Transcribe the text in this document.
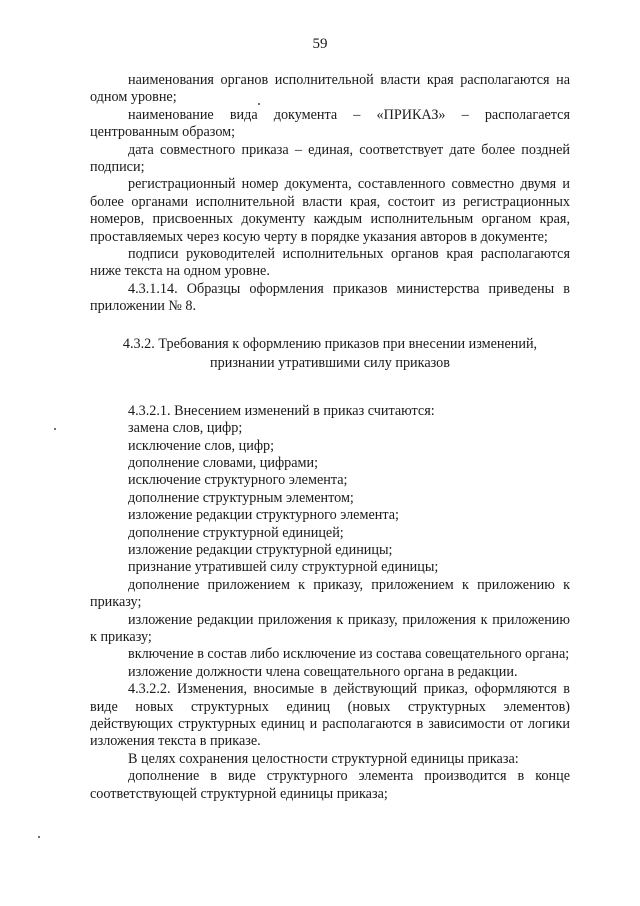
59

наименования органов исполнительной власти края располагаются на одном уровне;

наименование вида документа – «ПРИКАЗ» – располагается центрованным образом;

дата совместного приказа – единая, соответствует дате более поздней подписи;

регистрационный номер документа, составленного совместно двумя и более органами исполнительной власти края, состоит из регистрационных номеров, присвоенных документу каждым исполнительным органом края, проставляемых через косую черту в порядке указания авторов в документе;

подписи руководителей исполнительных органов края располагаются ниже текста на одном уровне.

4.3.1.14. Образцы оформления приказов министерства приведены в приложении № 8.

4.3.2. Требования к оформлению приказов при внесении изменений,
признании утратившими силу приказов

4.3.2.1. Внесением изменений в приказ считаются:

замена слов, цифр;

исключение слов, цифр;

дополнение словами, цифрами;

исключение структурного элемента;

дополнение структурным элементом;

изложение редакции структурного элемента;

дополнение структурной единицей;

изложение редакции структурной единицы;

признание утратившей силу структурной единицы;

дополнение приложением к приказу, приложением к приложению к приказу;

изложение редакции приложения к приказу, приложения к приложению к приказу;

включение в состав либо исключение из состава совещательного органа;

изложение должности члена совещательного органа в редакции.

4.3.2.2. Изменения, вносимые в действующий приказ, оформляются в виде новых структурных единиц (новых структурных элементов) действующих структурных единиц и располагаются в зависимости от логики изложения текста в приказе.

В целях сохранения целостности структурной единицы приказа:

дополнение в виде структурного элемента производится в конце соответствующей структурной единицы приказа;
